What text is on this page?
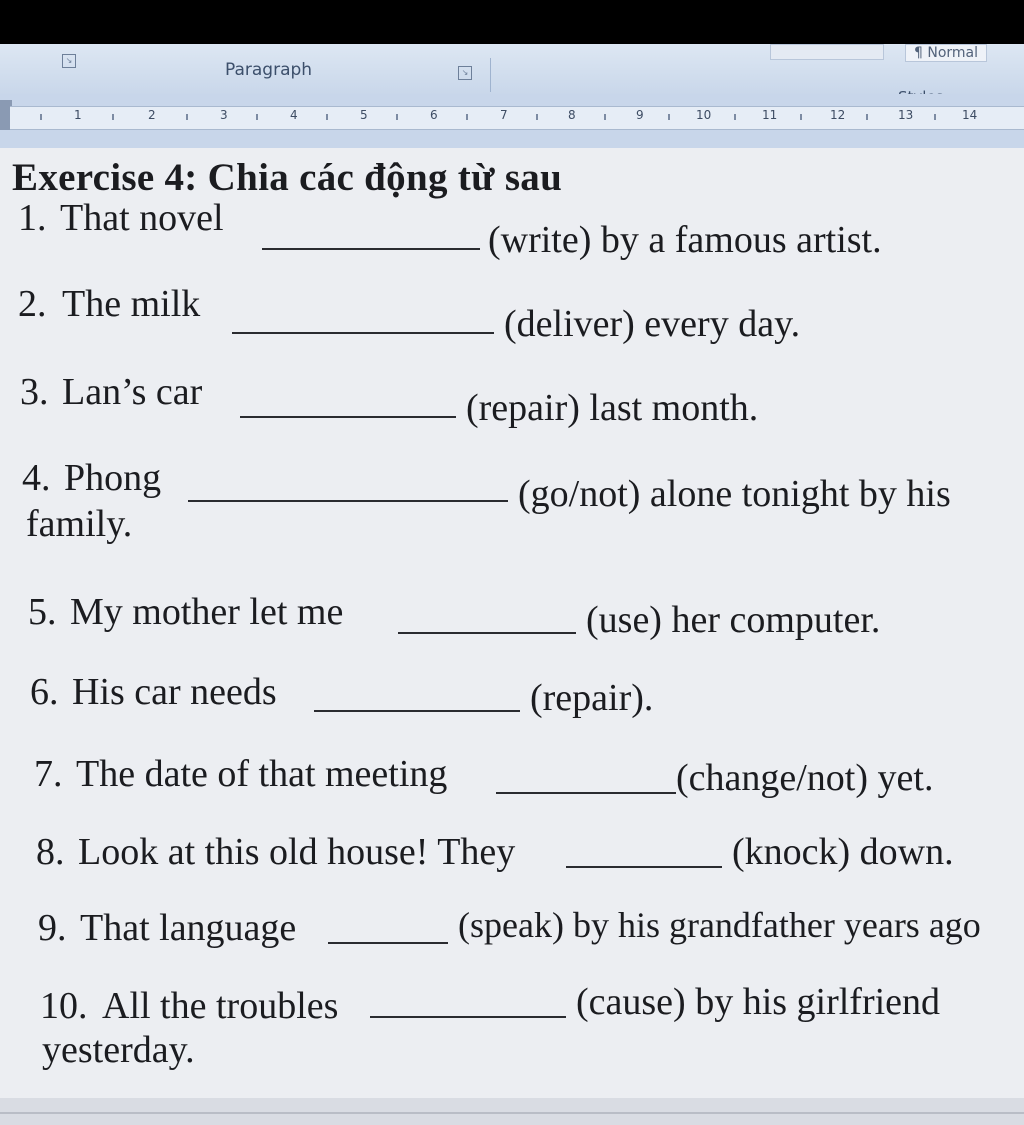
↘	Paragraph	↘
¶ Normal
1	2	3	4	5	6	7	8	9	10	11	12	13	14
Exercise 4: Chia các động từ sau
1. That novel
(write) by a famous artist.
2. The milk	(deliver) every day.
3. Lan’s car	(repair) last month.
4. Phong	(go/not) alone tonight by his
family.
5. My mother let me	(use) her computer.
6. His car needs	(repair).
7. The date of that meeting	(change/not) yet.
8. Look at this old house! They	(knock) down.
9. That language	(speak) by his grandfather years ago
10. All the troubles	(cause) by his girlfriend
yesterday.
